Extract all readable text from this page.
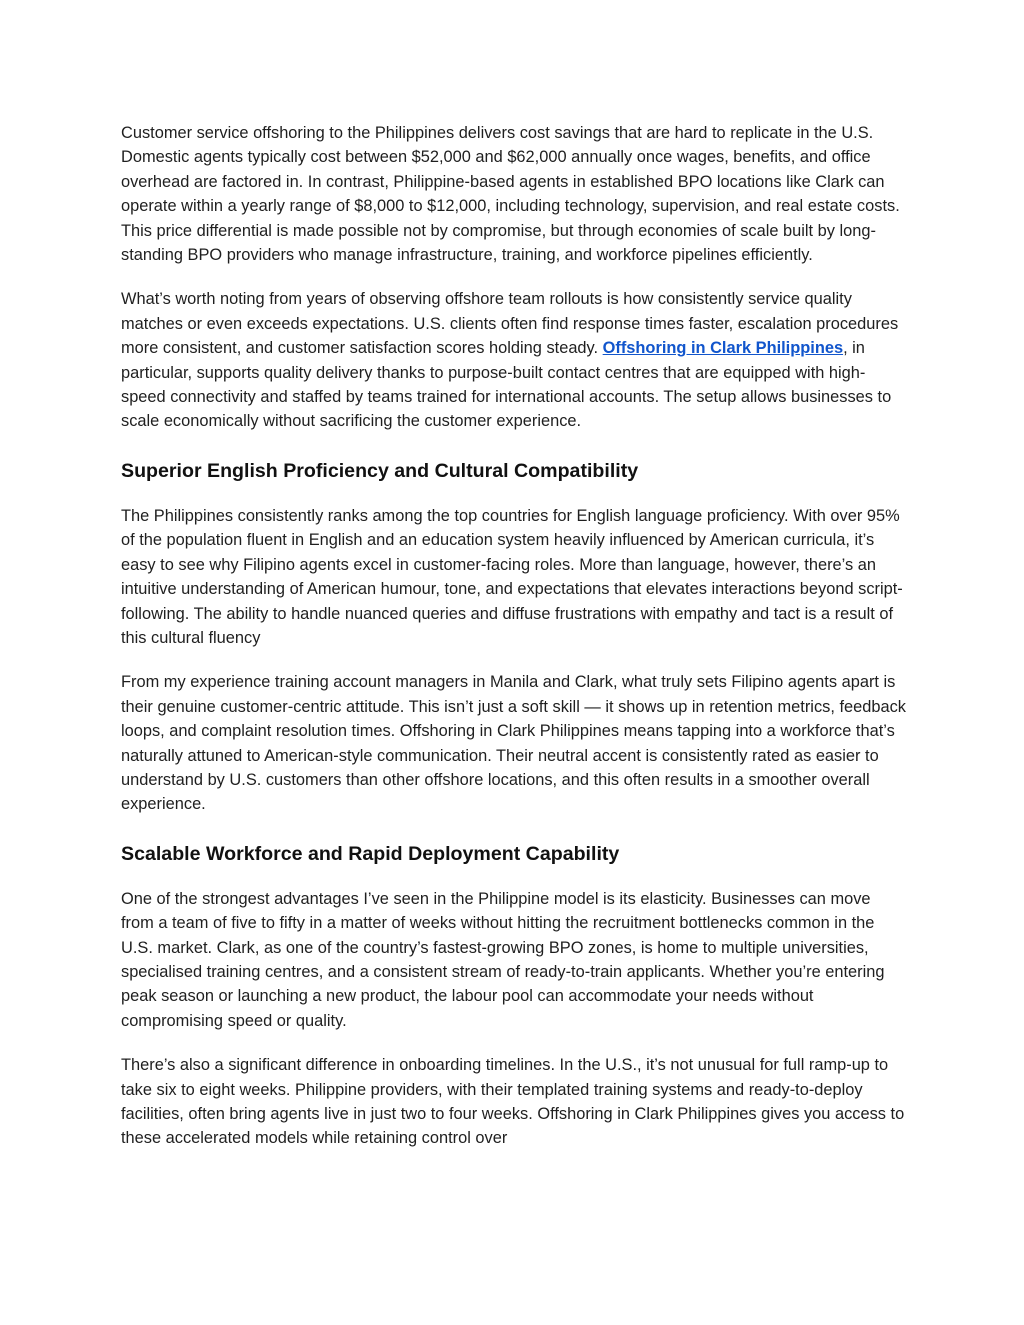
Customer service offshoring to the Philippines delivers cost savings that are hard to replicate in the U.S. Domestic agents typically cost between $52,000 and $62,000 annually once wages, benefits, and office overhead are factored in. In contrast, Philippine-based agents in established BPO locations like Clark can operate within a yearly range of $8,000 to $12,000, including technology, supervision, and real estate costs. This price differential is made possible not by compromise, but through economies of scale built by long-standing BPO providers who manage infrastructure, training, and workforce pipelines efficiently.

What’s worth noting from years of observing offshore team rollouts is how consistently service quality matches or even exceeds expectations. U.S. clients often find response times faster, escalation procedures more consistent, and customer satisfaction scores holding steady. Offshoring in Clark Philippines, in particular, supports quality delivery thanks to purpose-built contact centres that are equipped with high-speed connectivity and staffed by teams trained for international accounts. The setup allows businesses to scale economically without sacrificing the customer experience.

Superior English Proficiency and Cultural Compatibility

The Philippines consistently ranks among the top countries for English language proficiency. With over 95% of the population fluent in English and an education system heavily influenced by American curricula, it’s easy to see why Filipino agents excel in customer-facing roles. More than language, however, there’s an intuitive understanding of American humour, tone, and expectations that elevates interactions beyond script-following. The ability to handle nuanced queries and diffuse frustrations with empathy and tact is a result of this cultural fluency

From my experience training account managers in Manila and Clark, what truly sets Filipino agents apart is their genuine customer-centric attitude. This isn’t just a soft skill — it shows up in retention metrics, feedback loops, and complaint resolution times. Offshoring in Clark Philippines means tapping into a workforce that’s naturally attuned to American-style communication. Their neutral accent is consistently rated as easier to understand by U.S. customers than other offshore locations, and this often results in a smoother overall experience.

Scalable Workforce and Rapid Deployment Capability

One of the strongest advantages I’ve seen in the Philippine model is its elasticity. Businesses can move from a team of five to fifty in a matter of weeks without hitting the recruitment bottlenecks common in the U.S. market. Clark, as one of the country’s fastest-growing BPO zones, is home to multiple universities, specialised training centres, and a consistent stream of ready-to-train applicants. Whether you’re entering peak season or launching a new product, the labour pool can accommodate your needs without compromising speed or quality.

There’s also a significant difference in onboarding timelines. In the U.S., it’s not unusual for full ramp-up to take six to eight weeks. Philippine providers, with their templated training systems and ready-to-deploy facilities, often bring agents live in just two to four weeks. Offshoring in Clark Philippines gives you access to these accelerated models while retaining control over
